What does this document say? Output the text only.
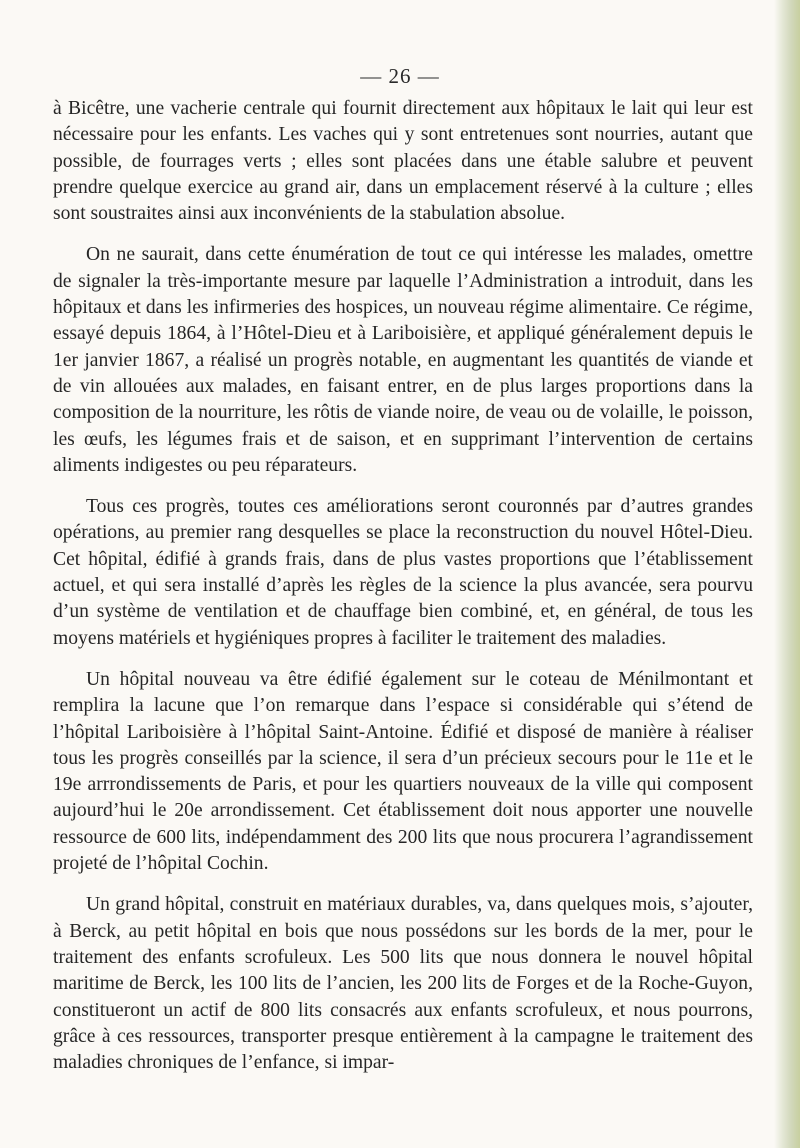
— 26 —

à Bicêtre, une vacherie centrale qui fournit directement aux hôpitaux le lait qui leur est nécessaire pour les enfants. Les vaches qui y sont entretenues sont nourries, autant que possible, de fourrages verts ; elles sont placées dans une étable salubre et peuvent prendre quelque exercice au grand air, dans un emplacement réservé à la culture ; elles sont soustraites ainsi aux inconvénients de la stabulation absolue.

On ne saurait, dans cette énumération de tout ce qui intéresse les malades, omettre de signaler la très-importante mesure par laquelle l’Administration a introduit, dans les hôpitaux et dans les infirmeries des hospices, un nouveau régime alimentaire. Ce régime, essayé depuis 1864, à l’Hôtel-Dieu et à Lariboisière, et appliqué généralement depuis le 1er janvier 1867, a réalisé un progrès notable, en augmentant les quantités de viande et de vin allouées aux malades, en faisant entrer, en de plus larges proportions dans la composition de la nourriture, les rôtis de viande noire, de veau ou de volaille, le poisson, les œufs, les légumes frais et de saison, et en supprimant l’intervention de certains aliments indigestes ou peu réparateurs.

Tous ces progrès, toutes ces améliorations seront couronnés par d’autres grandes opérations, au premier rang desquelles se place la reconstruction du nouvel Hôtel-Dieu. Cet hôpital, édifié à grands frais, dans de plus vastes proportions que l’établissement actuel, et qui sera installé d’après les règles de la science la plus avancée, sera pourvu d’un système de ventilation et de chauffage bien combiné, et, en général, de tous les moyens matériels et hygiéniques propres à faciliter le traitement des maladies.

Un hôpital nouveau va être édifié également sur le coteau de Ménilmontant et remplira la lacune que l’on remarque dans l’espace si considérable qui s’étend de l’hôpital Lariboisière à l’hôpital Saint-Antoine. Édifié et disposé de manière à réaliser tous les progrès conseillés par la science, il sera d’un précieux secours pour le 11e et le 19e arrrondissements de Paris, et pour les quartiers nouveaux de la ville qui composent aujourd’hui le 20e arrondissement. Cet établissement doit nous apporter une nouvelle ressource de 600 lits, indépendamment des 200 lits que nous procurera l’agrandissement projeté de l’hôpital Cochin.

Un grand hôpital, construit en matériaux durables, va, dans quelques mois, s’ajouter, à Berck, au petit hôpital en bois que nous possédons sur les bords de la mer, pour le traitement des enfants scrofuleux. Les 500 lits que nous donnera le nouvel hôpital maritime de Berck, les 100 lits de l’ancien, les 200 lits de Forges et de la Roche-Guyon, constitueront un actif de 800 lits consacrés aux enfants scrofuleux, et nous pourrons, grâce à ces ressources, transporter presque entièrement à la campagne le traitement des maladies chroniques de l’enfance, si impar-
